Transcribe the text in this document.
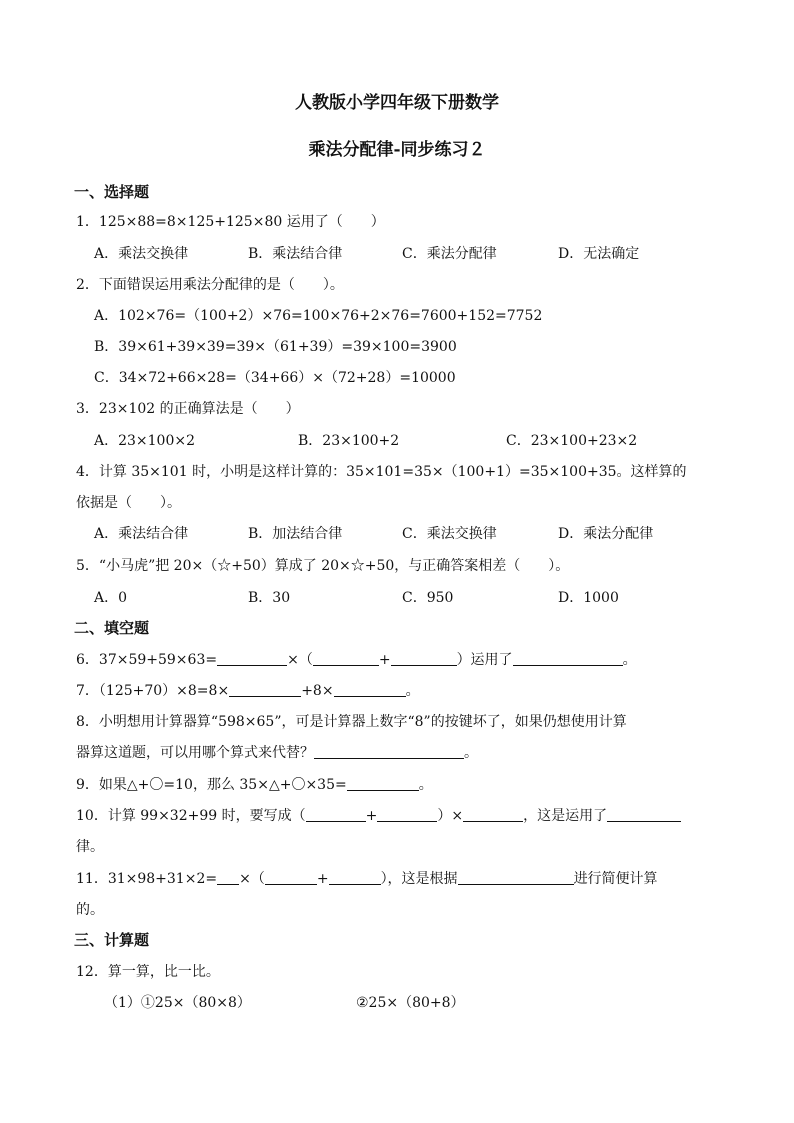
人教版小学四年级下册数学
乘法分配律-同步练习２
一、选择题
1．125×88=8×125+125×80 运用了（　　）
A．乘法交换律	B．乘法结合律	C．乘法分配律	D．无法确定
2．下面错误运用乘法分配律的是（　　）。
A．102×76=（100+2）×76=100×76+2×76=7600+152=7752
B．39×61+39×39=39×（61+39）=39×100=3900
C．34×72+66×28=（34+66）×（72+28）=10000
3．23×102 的正确算法是（　　）
A．23×100×2	B．23×100+2	C．23×100+23×2
4．计算 35×101 时，小明是这样计算的：35×101=35×（100+1）=35×100+35。这样算的
依据是（　　）。
A．乘法结合律	B．加法结合律	C．乘法交换律	D．乘法分配律
5．“小马虎”把 20×（☆+50）算成了 20×☆+50，与正确答案相差（　　）。
A．0	B．30	C．950	D．1000
二、填空题
6．37×59+59×63=	×（	+	）运用了	。
7．（125+70）×8=8×	+8×	。
8．小明想用计算器算“598×65”，可是计算器上数字“8”的按键坏了，如果仍想使用计算
器算这道题，可以用哪个算式来代替？	。
9．如果△+〇=10，那么 35×△+〇×35=	。
10．计算 99×32+99 时，要写成（	+	）×	，这是运用了
律。
11．31×98+31×2= ×（	+	），这是根据	进行简便计算
的。
三、计算题
12．算一算，比一比。
（1）①25×（80×8）	②25×（80+8）
